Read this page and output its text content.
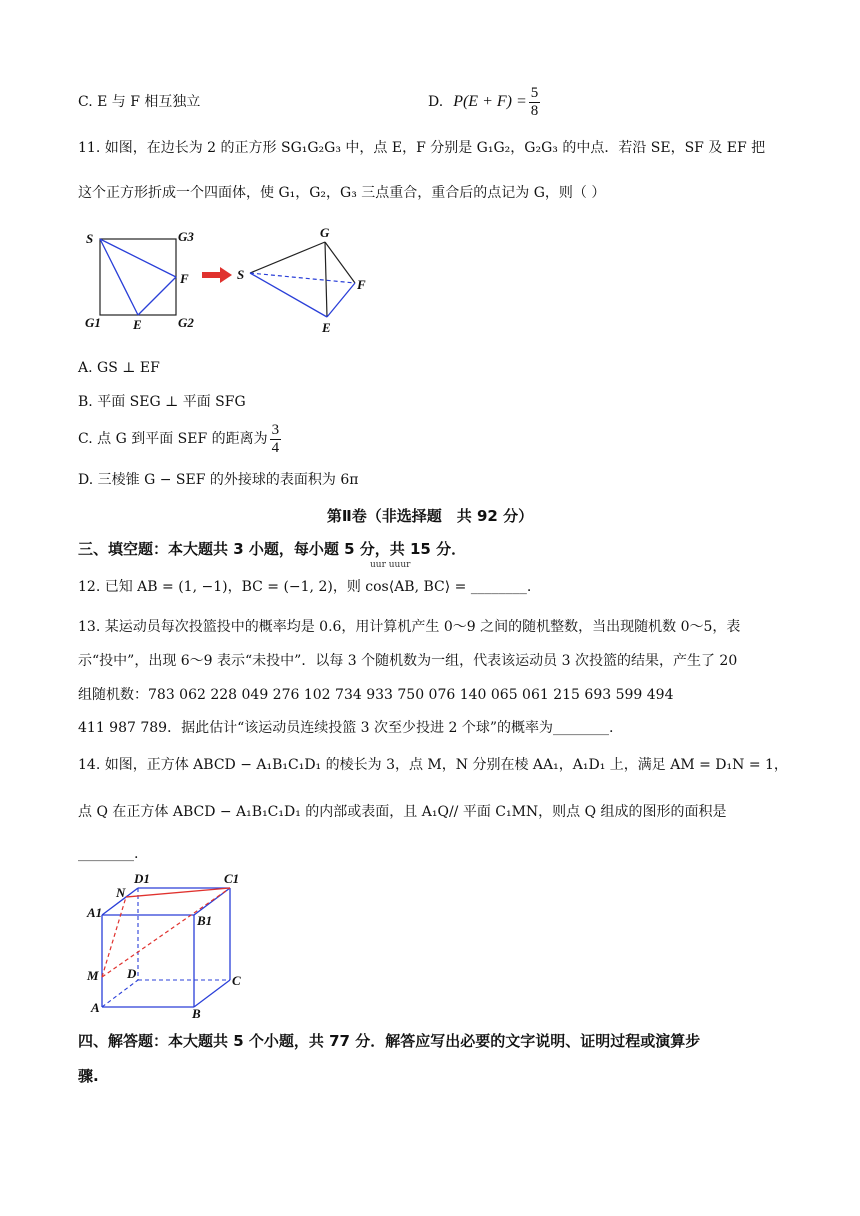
C. E 与 F 相互独立	D. $P(E + F) = \frac{5}{8}$
11. 如图，在边长为 2 的正方形 SG₁G₂G₃ 中，点 E，F 分别是 G₁G₂，G₂G₃ 的中点．若沿 SE，SF 及 EF 把
这个正方形折成一个四面体，使 G₁，G₂，G₃ 三点重合，重合后的点记为 G，则（ ）
S	G3
F
G1 E	G2
S
G
F
E
A. GS ⊥ EF
B. 平面 SEG ⊥ 平面 SFG
C. 点 G 到平面 SEF 的距离为 $\frac{3}{4}$
D. 三棱锥 G − SEF 的外接球的表面积为 6π
第Ⅱ卷（非选择题　共 92 分）
三、填空题：本大题共 3 小题，每小题 5 分，共 15 分．
uur uuur
12. 已知 AB = (1, −1)，BC = (−1, 2)，则 cos⟨AB, BC⟩ = ________.
13. 某运动员每次投篮投中的概率均是 0.6，用计算机产生 0～9 之间的随机整数，当出现随机数 0～5，表
示“投中”，出现 6～9 表示“未投中”．以每 3 个随机数为一组，代表该运动员 3 次投篮的结果，产生了 20
组随机数：783 062 228 049 276 102 734 933 750 076 140 065 061 215 693 599 494
411 987 789．据此估计“该运动员连续投篮 3 次至少投进 2 个球”的概率为________.
14. 如图，正方体 ABCD − A₁B₁C₁D₁ 的棱长为 3，点 M，N 分别在棱 AA₁，A₁D₁ 上，满足 AM = D₁N = 1，
点 Q 在正方体 ABCD − A₁B₁C₁D₁ 的内部或表面，且 A₁Q// 平面 C₁MN，则点 Q 组成的图形的面积是
________.
D1	C1
N
A1
B1
M D	C
A	B
四、解答题：本大题共 5 个小题，共 77 分．解答应写出必要的文字说明、证明过程或演算步
骤.
